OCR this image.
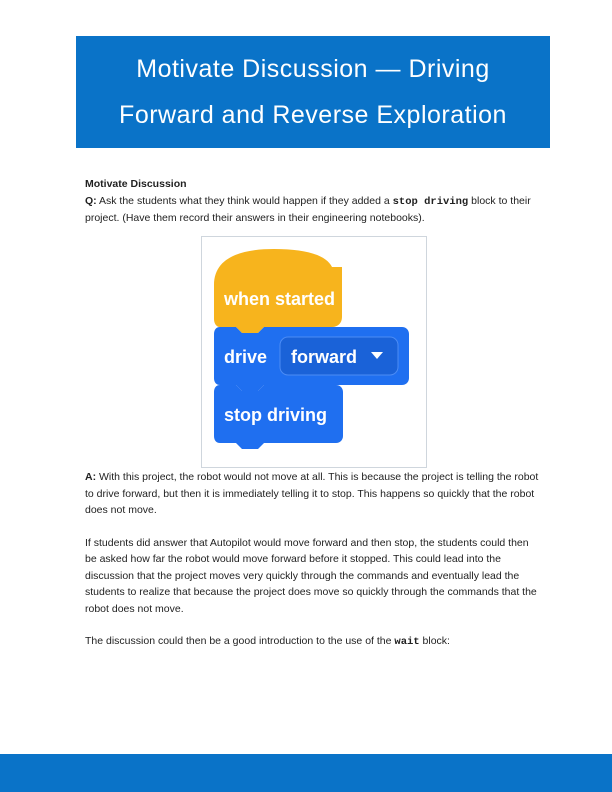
Motivate Discussion — Driving
Forward and Reverse Exploration

Motivate Discussion

Q: Ask the students what they think would happen if they added a stop driving block to their project. (Have them record their answers in their engineering notebooks).

when started
drive forward
stop driving

A: With this project, the robot would not move at all. This is because the project is telling the robot to drive forward, but then it is immediately telling it to stop. This happens so quickly that the robot does not move.

If students did answer that Autopilot would move forward and then stop, the students could then be asked how far the robot would move forward before it stopped. This could lead into the discussion that the project moves very quickly through the commands and eventually lead the students to realize that because the project does move so quickly through the commands that the robot does not move.

The discussion could then be a good introduction to the use of the wait block:
